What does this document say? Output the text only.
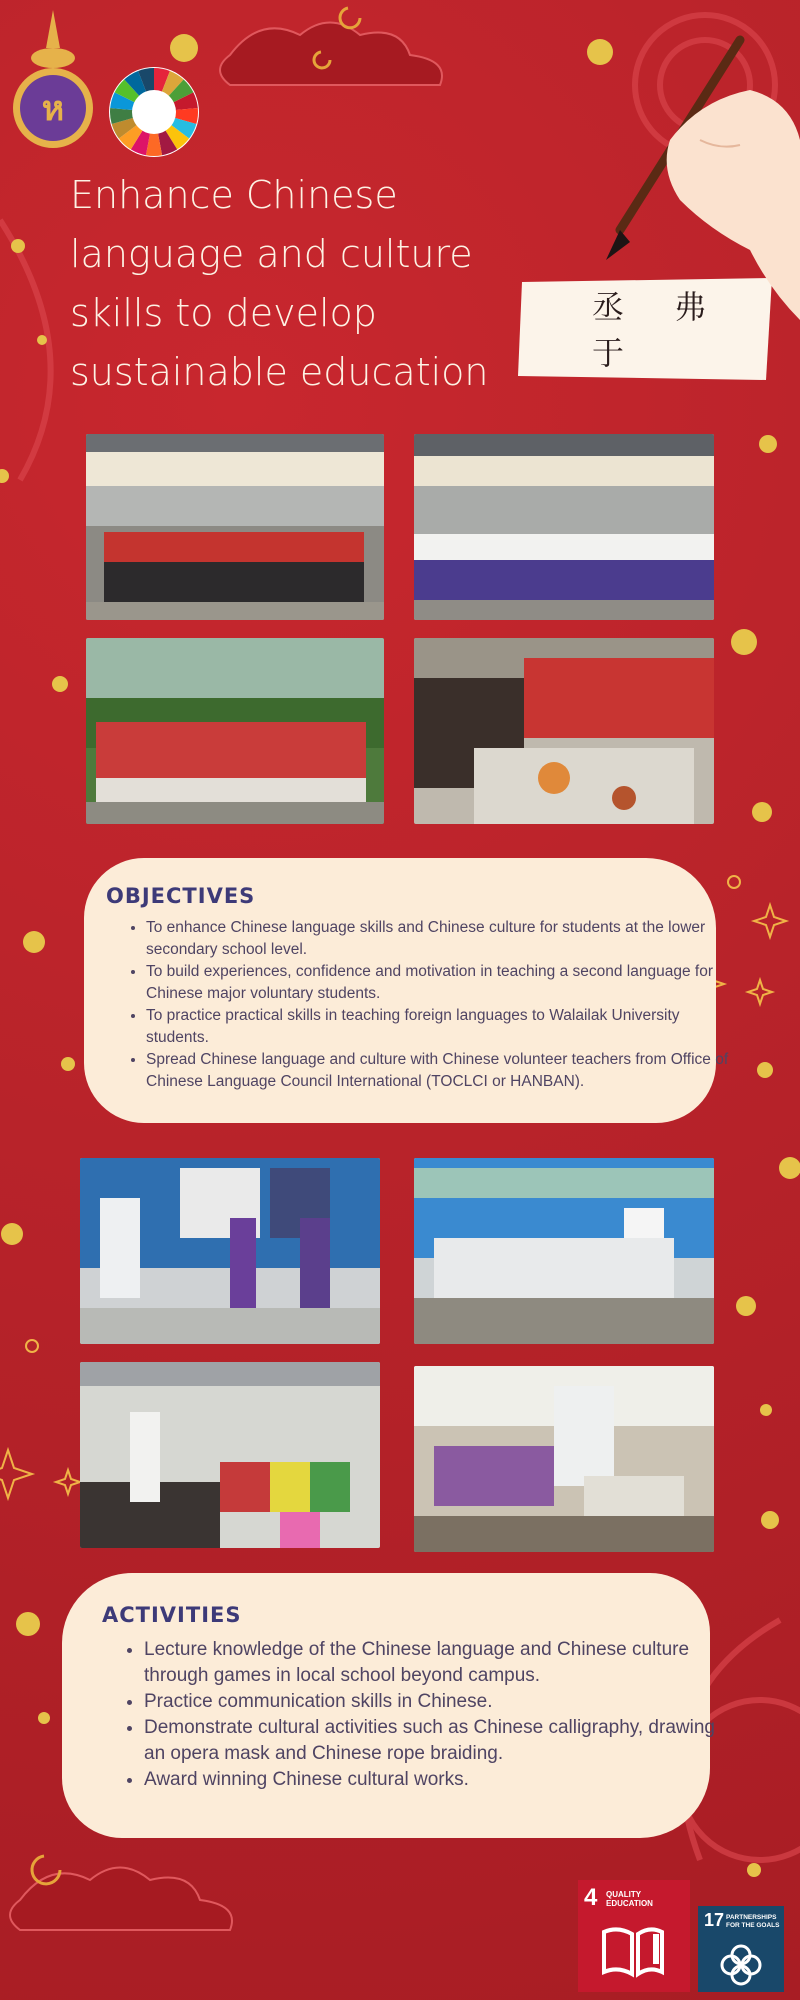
ห
Enhance Chinese language and culture skills to develop sustainable education
丞 弗 于
OBJECTIVES
• To enhance Chinese language skills and Chinese culture for students at the lower secondary school level.
• To build experiences, confidence and motivation in teaching a second language for Chinese major voluntary students.
• To practice practical skills in teaching foreign languages to Walailak University students.
• Spread Chinese language and culture with Chinese volunteer teachers from Office of Chinese Language Council International (TOCLCI or HANBAN).
ACTIVITIES
• Lecture knowledge of the Chinese language and Chinese culture through games in local school beyond campus.
• Practice communication skills in Chinese.
• Demonstrate cultural activities such as Chinese calligraphy, drawing an opera mask and Chinese rope braiding.
• Award winning Chinese cultural works.
4 QUALITY EDUCATION
17 PARTNERSHIPS FOR THE GOALS
